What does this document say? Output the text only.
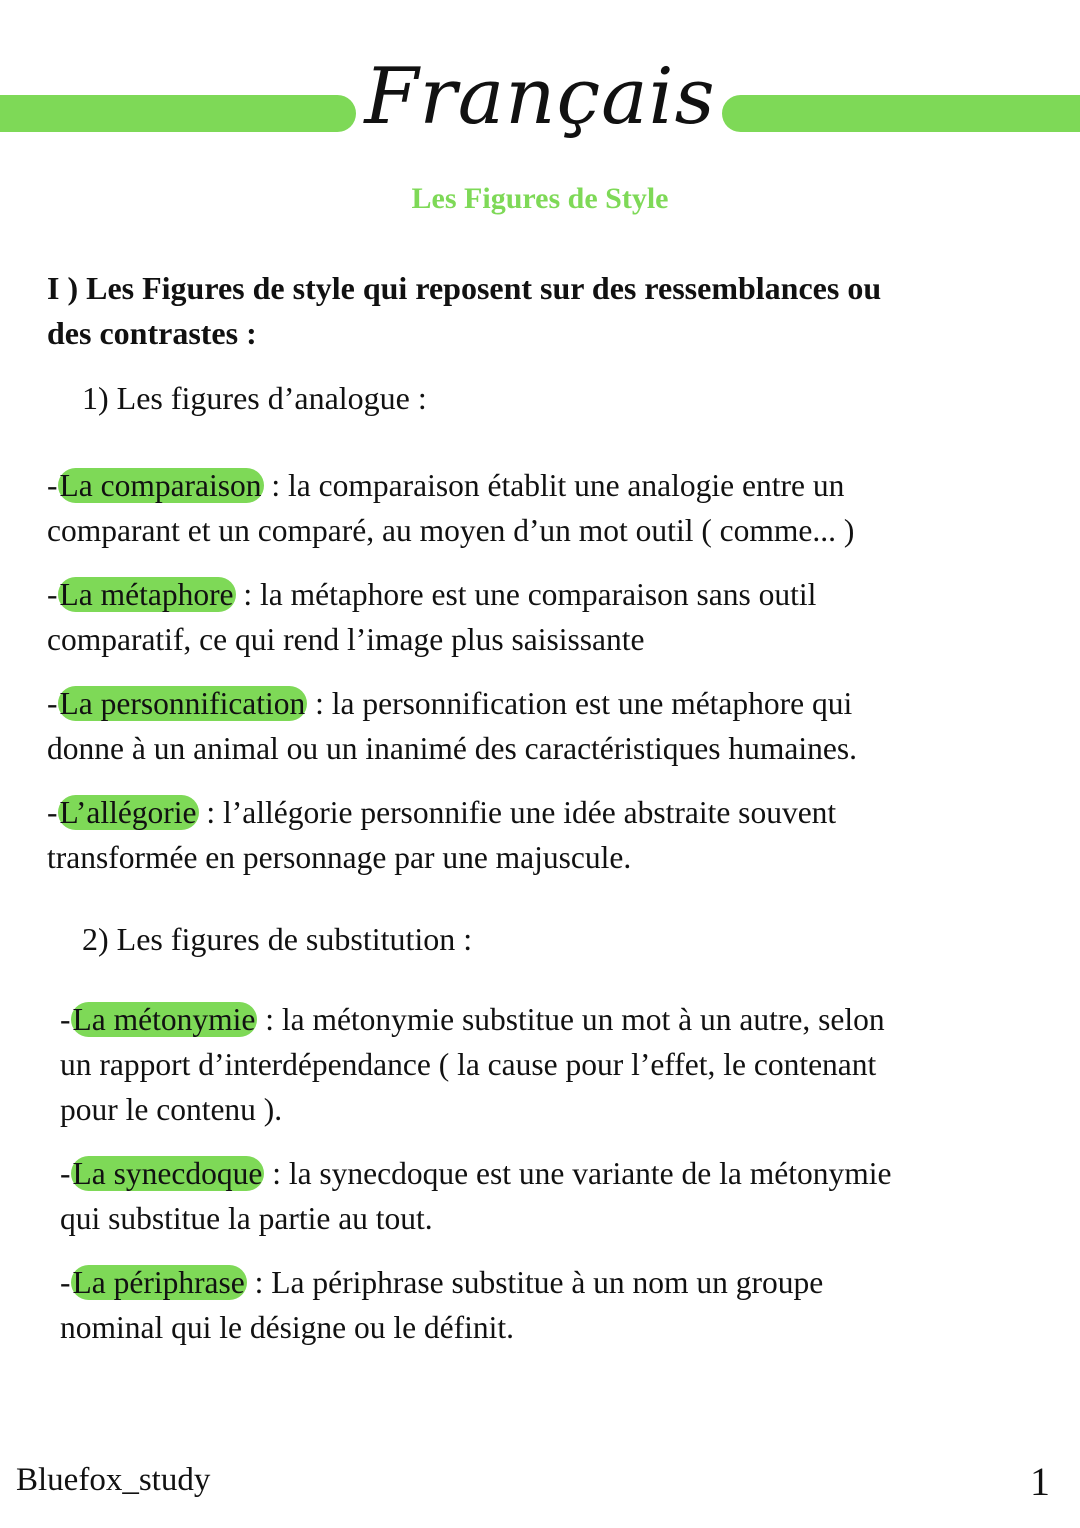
Français
Les Figures de Style
I ) Les Figures de style qui reposent sur des ressemblances ou
des contrastes :
1) Les figures d’analogue :
-La comparaison : la comparaison établit une analogie entre un
comparant et un comparé, au moyen d’un mot outil ( comme... )
-La métaphore : la métaphore est une comparaison sans outil
comparatif, ce qui rend l’image plus saisissante
-La personnification : la personnification est une métaphore qui
donne à un animal ou un inanimé des caractéristiques humaines.
-L’allégorie : l’allégorie personnifie une idée abstraite souvent
transformée en personnage par une majuscule.
2) Les figures de substitution :
-La métonymie : la métonymie substitue un mot à un autre, selon
un rapport d’interdépendance ( la cause pour l’effet, le contenant
pour le contenu ).
-La synecdoque : la synecdoque est une variante de la métonymie
qui substitue la partie au tout.
-La périphrase : La périphrase substitue à un nom un groupe
nominal qui le désigne ou le définit.
Bluefox_study	1
